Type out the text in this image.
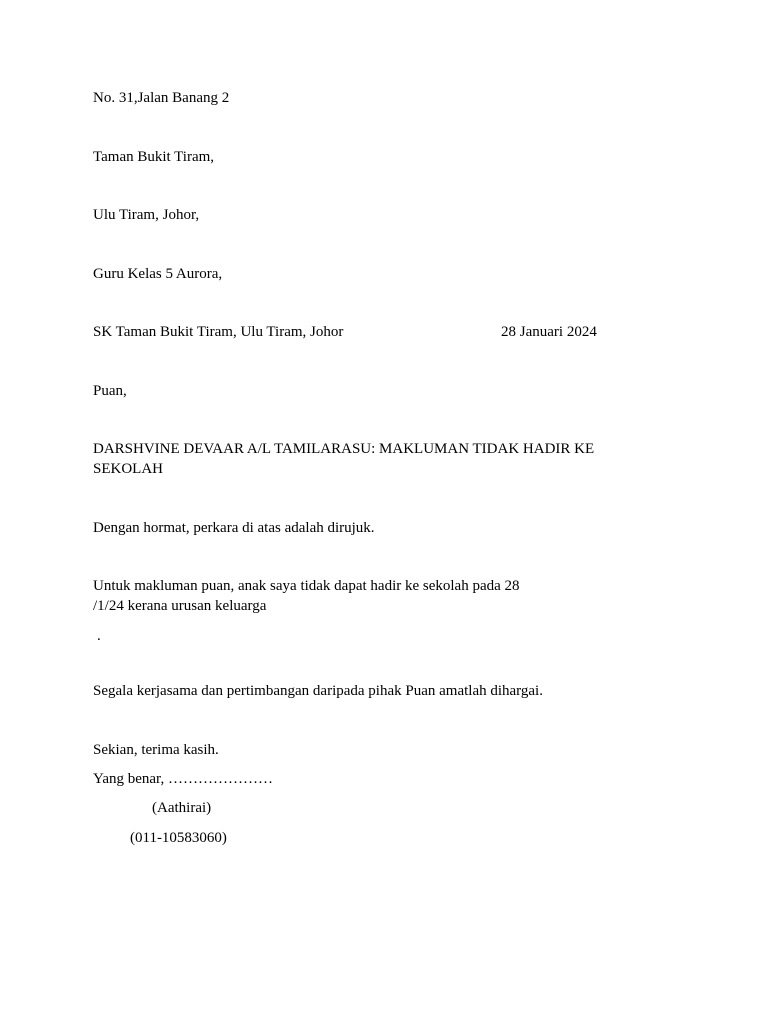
No. 31,Jalan Banang 2
Taman Bukit Tiram,
Ulu Tiram, Johor,
Guru Kelas 5 Aurora,
SK Taman Bukit Tiram, Ulu Tiram, Johor	28 Januari 2024
Puan,
DARSHVINE DEVAAR A/L TAMILARASU: MAKLUMAN TIDAK HADIR KE
SEKOLAH
Dengan hormat, perkara di atas adalah dirujuk.
Untuk makluman puan, anak saya tidak dapat hadir ke sekolah pada 28
/1/24 kerana urusan keluarga
.
Segala kerjasama dan pertimbangan daripada pihak Puan amatlah dihargai.
Sekian, terima kasih.
Yang benar, …………………
(Aathirai)
(011-10583060)
